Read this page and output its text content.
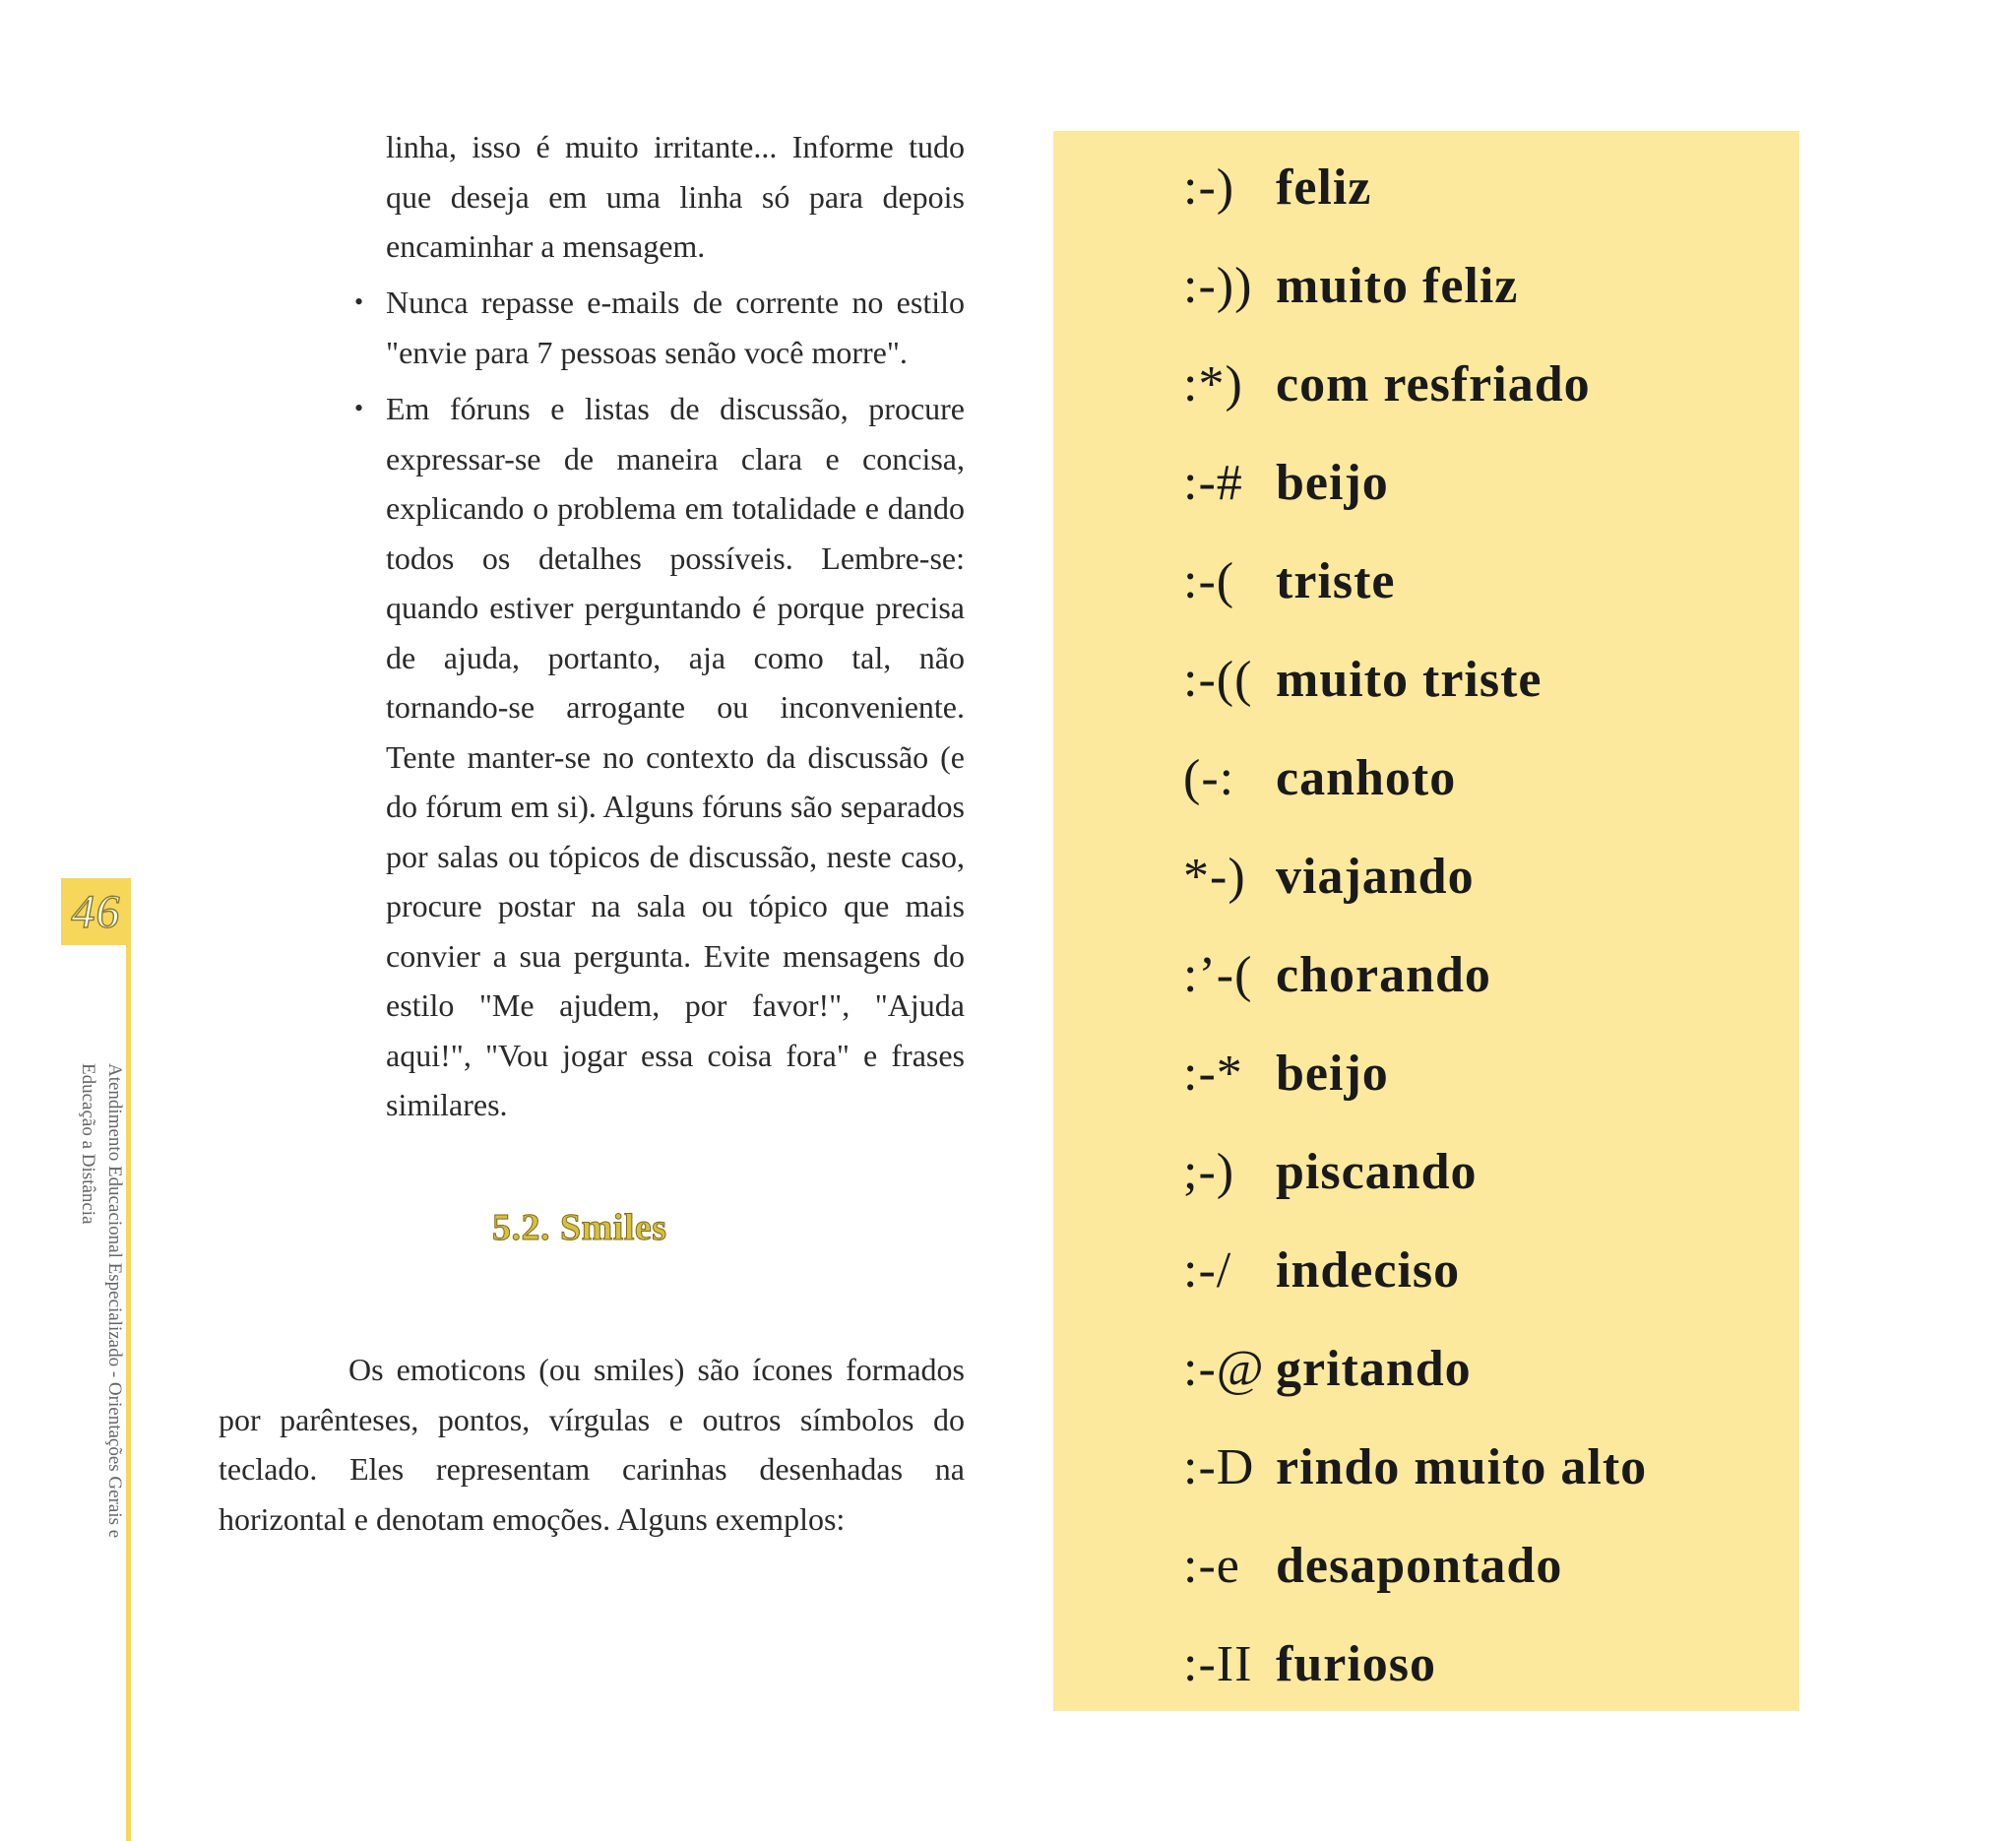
46
Atendimento Educacional Especializado - Orientações Gerais e
Educação a Distância

linha, isso é muito irritante... Informe tudo que deseja em uma linha só para depois encaminhar a mensagem.

• Nunca repasse e-mails de corrente no estilo "envie para 7 pessoas senão você morre".
• Em fóruns e listas de discussão, procure expressar-se de maneira clara e concisa, explicando o problema em totalidade e dando todos os detalhes possíveis. Lembre-se: quando estiver perguntando é porque precisa de ajuda, portanto, aja como tal, não tornando-se arrogante ou inconveniente. Tente manter-se no contexto da discussão (e do fórum em si). Alguns fóruns são separados por salas ou tópicos de discussão, neste caso, procure postar na sala ou tópico que mais convier a sua pergunta. Evite mensagens do estilo "Me ajudem, por favor!", "Ajuda aqui!", "Vou jogar essa coisa fora" e frases similares.
5.2. Smiles

Os emoticons (ou smiles) são ícones formados por parênteses, pontos, vírgulas e outros símbolos do teclado. Eles representam carinhas desenhadas na horizontal e denotam emoções. Alguns exemplos:

:-) feliz
:-)) muito feliz
:*) com resfriado
:-# beijo
:-( triste
:-(( muito triste
(-: canhoto
*-) viajando
:’-( chorando
:-* beijo
;-) piscando
:-/ indeciso
:-@ gritando
:-D rindo muito alto
:-e desapontado
:-II furioso
